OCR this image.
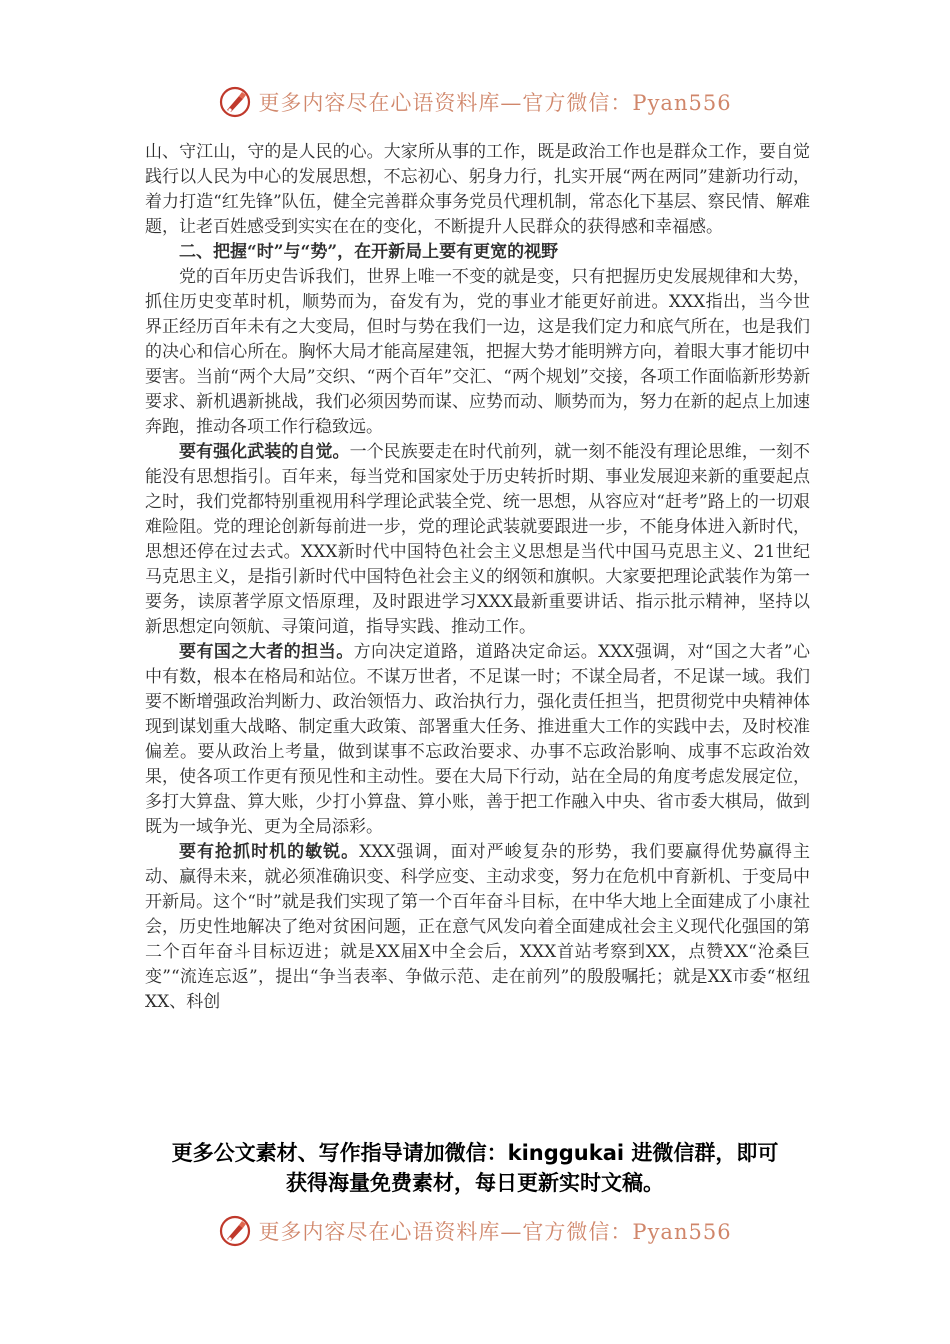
更多内容尽在心语资料库—官方微信：Pyan556

山、守江山，守的是人民的心。大家所从事的工作，既是政治工作也是群众工作，要自觉践行以人民为中心的发展思想，不忘初心、躬身力行，扎实开展“两在两同”建新功行动，着力打造“红先锋”队伍，健全完善群众事务党员代理机制，常态化下基层、察民情、解难题，让老百姓感受到实实在在的变化，不断提升人民群众的获得感和幸福感。

二、把握“时”与“势”，在开新局上要有更宽的视野

党的百年历史告诉我们，世界上唯一不变的就是变，只有把握历史发展规律和大势，抓住历史变革时机，顺势而为，奋发有为，党的事业才能更好前进。XXX指出，当今世界正经历百年未有之大变局，但时与势在我们一边，这是我们定力和底气所在，也是我们的决心和信心所在。胸怀大局才能高屋建瓴，把握大势才能明辨方向，着眼大事才能切中要害。当前“两个大局”交织、“两个百年”交汇、“两个规划”交接，各项工作面临新形势新要求、新机遇新挑战，我们必须因势而谋、应势而动、顺势而为，努力在新的起点上加速奔跑，推动各项工作行稳致远。

要有强化武装的自觉。一个民族要走在时代前列，就一刻不能没有理论思维，一刻不能没有思想指引。百年来，每当党和国家处于历史转折时期、事业发展迎来新的重要起点之时，我们党都特别重视用科学理论武装全党、统一思想，从容应对“赶考”路上的一切艰难险阻。党的理论创新每前进一步，党的理论武装就要跟进一步，不能身体进入新时代，思想还停在过去式。XXX新时代中国特色社会主义思想是当代中国马克思主义、21世纪马克思主义，是指引新时代中国特色社会主义的纲领和旗帜。大家要把理论武装作为第一要务，读原著学原文悟原理，及时跟进学习XXX最新重要讲话、指示批示精神，坚持以新思想定向领航、寻策问道，指导实践、推动工作。

要有国之大者的担当。方向决定道路，道路决定命运。XXX强调，对“国之大者”心中有数，根本在格局和站位。不谋万世者，不足谋一时；不谋全局者，不足谋一域。我们要不断增强政治判断力、政治领悟力、政治执行力，强化责任担当，把贯彻党中央精神体现到谋划重大战略、制定重大政策、部署重大任务、推进重大工作的实践中去，及时校准偏差。要从政治上考量，做到谋事不忘政治要求、办事不忘政治影响、成事不忘政治效果，使各项工作更有预见性和主动性。要在大局下行动，站在全局的角度考虑发展定位，多打大算盘、算大账，少打小算盘、算小账，善于把工作融入中央、省市委大棋局，做到既为一域争光、更为全局添彩。

要有抢抓时机的敏锐。XXX强调，面对严峻复杂的形势，我们要赢得优势赢得主动、赢得未来，就必须准确识变、科学应变、主动求变，努力在危机中育新机、于变局中开新局。这个“时”就是我们实现了第一个百年奋斗目标，在中华大地上全面建成了小康社会，历史性地解决了绝对贫困问题，正在意气风发向着全面建成社会主义现代化强国的第二个百年奋斗目标迈进；就是XX届X中全会后，XXX首站考察到XX，点赞XX“沧桑巨变”“流连忘返”，提出“争当表率、争做示范、走在前列”的殷殷嘱托；就是XX市委“枢纽XX、科创

更多公文素材、写作指导请加微信：kinggukai 进微信群，即可
获得海量免费素材，每日更新实时文稿。
更多内容尽在心语资料库—官方微信：Pyan556
